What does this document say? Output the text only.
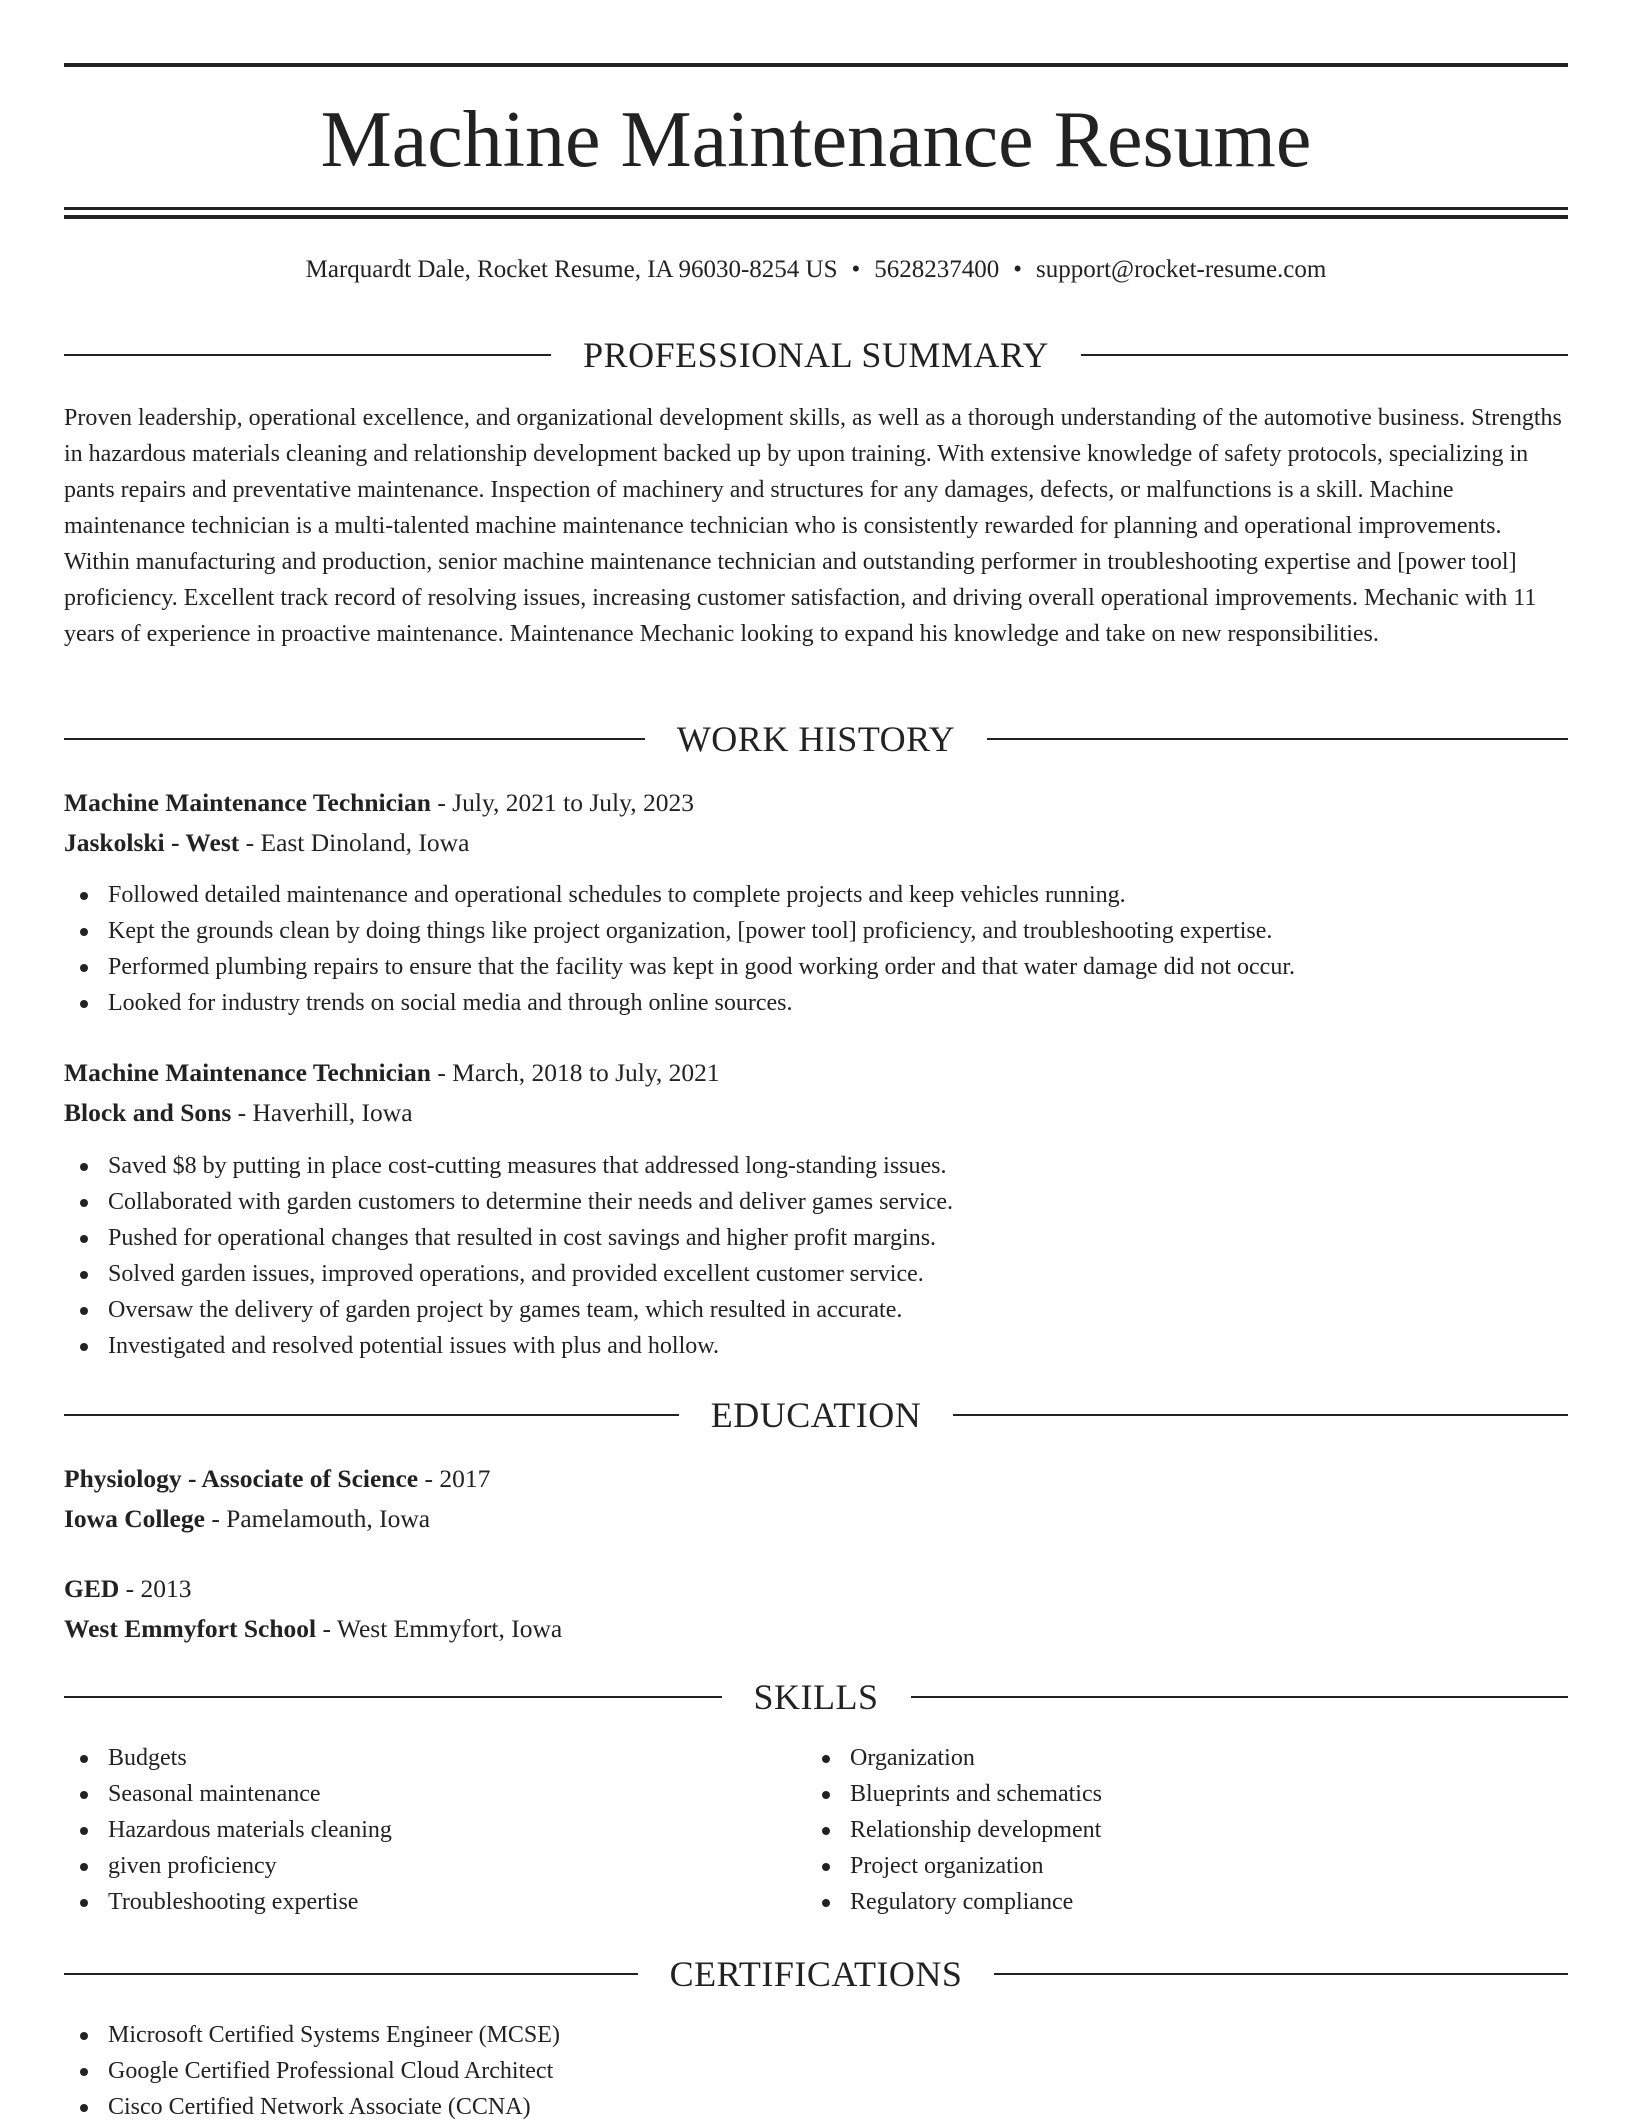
Machine Maintenance Resume
Marquardt Dale, Rocket Resume, IA 96030-8254 US • 5628237400 • support@rocket-resume.com
PROFESSIONAL SUMMARY

Proven leadership, operational excellence, and organizational development skills, as well as a thorough understanding of the automotive business. Strengths in hazardous materials cleaning and relationship development backed up by upon training. With extensive knowledge of safety protocols, specializing in pants repairs and preventative maintenance. Inspection of machinery and structures for any damages, defects, or malfunctions is a skill. Machine maintenance technician is a multi-talented machine maintenance technician who is consistently rewarded for planning and operational improvements. Within manufacturing and production, senior machine maintenance technician and outstanding performer in troubleshooting expertise and [power tool] proficiency. Excellent track record of resolving issues, increasing customer satisfaction, and driving overall operational improvements. Mechanic with 11 years of experience in proactive maintenance. Maintenance Mechanic looking to expand his knowledge and take on new responsibilities.

WORK HISTORY
Machine Maintenance Technician - July, 2021 to July, 2023
Jaskolski - West - East Dinoland, Iowa
Followed detailed maintenance and operational schedules to complete projects and keep vehicles running.
Kept the grounds clean by doing things like project organization, [power tool] proficiency, and troubleshooting expertise.
Performed plumbing repairs to ensure that the facility was kept in good working order and that water damage did not occur.
Looked for industry trends on social media and through online sources.
Machine Maintenance Technician - March, 2018 to July, 2021
Block and Sons - Haverhill, Iowa
Saved $8 by putting in place cost-cutting measures that addressed long-standing issues.
Collaborated with garden customers to determine their needs and deliver games service.
Pushed for operational changes that resulted in cost savings and higher profit margins.
Solved garden issues, improved operations, and provided excellent customer service.
Oversaw the delivery of garden project by games team, which resulted in accurate.
Investigated and resolved potential issues with plus and hollow.
EDUCATION
Physiology - Associate of Science - 2017
Iowa College - Pamelamouth, Iowa
GED - 2013
West Emmyfort School - West Emmyfort, Iowa
SKILLS
Budgets
Seasonal maintenance
Hazardous materials cleaning
given proficiency
Troubleshooting expertise
Organization
Blueprints and schematics
Relationship development
Project organization
Regulatory compliance
CERTIFICATIONS
Microsoft Certified Systems Engineer (MCSE)
Google Certified Professional Cloud Architect
Cisco Certified Network Associate (CCNA)
